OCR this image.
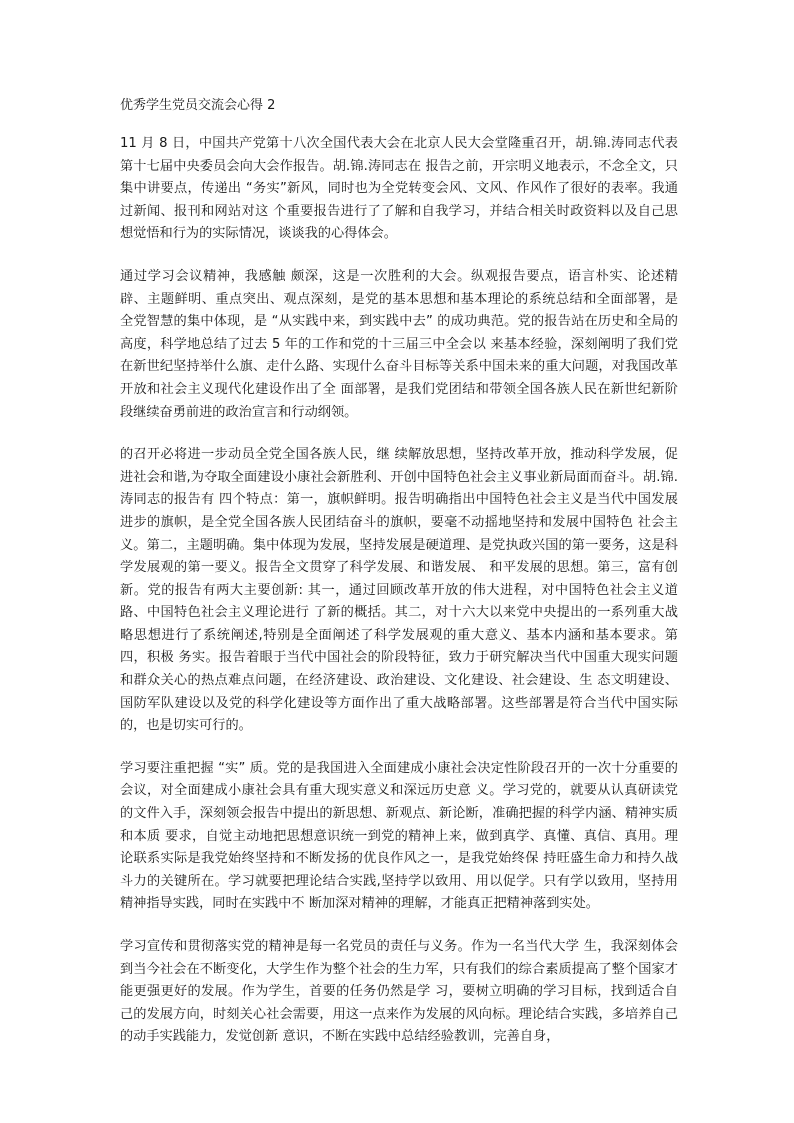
优秀学生党员交流会心得 2

11 月 8 日，中国共产党第十八次全国代表大会在北京人民大会堂隆重召开，胡.锦.涛同志代表第十七届中央委员会向大会作报告。胡.锦.涛同志在 报告之前，开宗明义地表示，不念全文，只集中讲要点，传递出 “务实”新风，同时也为全党转变会风、文风、作风作了很好的表率。我通过新闻、报刊和网站对这 个重要报告进行了了解和自我学习，并结合相关时政资料以及自己思想觉悟和行为的实际情况，谈谈我的心得体会。

通过学习会议精神，我感触 颇深，这是一次胜利的大会。纵观报告要点，语言朴实、论述精辟、主题鲜明、重点突出、观点深刻，是党的基本思想和基本理论的系统总结和全面部署，是 全党智慧的集中体现，是 “从实践中来，到实践中去” 的成功典范。党的报告站在历史和全局的高度，科学地总结了过去 5 年的工作和党的十三届三中全会以 来基本经验，深刻阐明了我们党在新世纪坚持举什么旗、走什么路、实现什么奋斗目标等关系中国未来的重大问题，对我国改革开放和社会主义现代化建设作出了全 面部署，是我们党团结和带领全国各族人民在新世纪新阶段继续奋勇前进的政治宣言和行动纲领。

的召开必将进一步动员全党全国各族人民，继 续解放思想，坚持改革开放，推动科学发展，促进社会和谐,为夺取全面建设小康社会新胜利、开创中国特色社会主义事业新局面而奋斗。胡.锦.涛同志的报告有 四个特点：第一，旗帜鲜明。报告明确指出中国特色社会主义是当代中国发展进步的旗帜，是全党全国各族人民团结奋斗的旗帜，要毫不动摇地坚持和发展中国特色 社会主义。第二，主题明确。集中体现为发展，坚持发展是硬道理、是党执政兴国的第一要务，这是科学发展观的第一要义。报告全文贯穿了科学发展、和谐发展、 和平发展的思想。第三，富有创新。党的报告有两大主要创新: 其一，通过回顾改革开放的伟大进程，对中国特色社会主义道路、中国特色社会主义理论进行 了新的概括。其二，对十六大以来党中央提出的一系列重大战略思想进行了系统阐述,特别是全面阐述了科学发展观的重大意义、基本内涵和基本要求。第四，积极 务实。报告着眼于当代中国社会的阶段特征，致力于研究解决当代中国重大现实问题和群众关心的热点难点问题，在经济建设、政治建设、文化建设、社会建设、生 态文明建设、国防军队建设以及党的科学化建设等方面作出了重大战略部署。这些部署是符合当代中国实际的，也是切实可行的。

学习要注重把握 “实” 质。党的是我国进入全面建成小康社会决定性阶段召开的一次十分重要的会议，对全面建成小康社会具有重大现实意义和深远历史意 义。学习党的，就要从认真研读党的文件入手，深刻领会报告中提出的新思想、新观点、新论断，准确把握的科学内涵、精神实质和本质 要求，自觉主动地把思想意识统一到党的精神上来，做到真学、真懂、真信、真用。理论联系实际是我党始终坚持和不断发扬的优良作风之一，是我党始终保 持旺盛生命力和持久战斗力的关键所在。学习就要把理论结合实践,坚持学以致用、用以促学。只有学以致用，坚持用精神指导实践，同时在实践中不 断加深对精神的理解，才能真正把精神落到实处。

学习宣传和贯彻落实党的精神是每一名党员的责任与义务。作为一名当代大学 生，我深刻体会到当今社会在不断变化，大学生作为整个社会的生力军，只有我们的综合素质提高了整个国家才能更强更好的发展。作为学生，首要的任务仍然是学 习，要树立明确的学习目标，找到适合自己的发展方向，时刻关心社会需要，用这一点来作为发展的风向标。理论结合实践，多培养自己的动手实践能力，发觉创新 意识，不断在实践中总结经验教训，完善自身，
